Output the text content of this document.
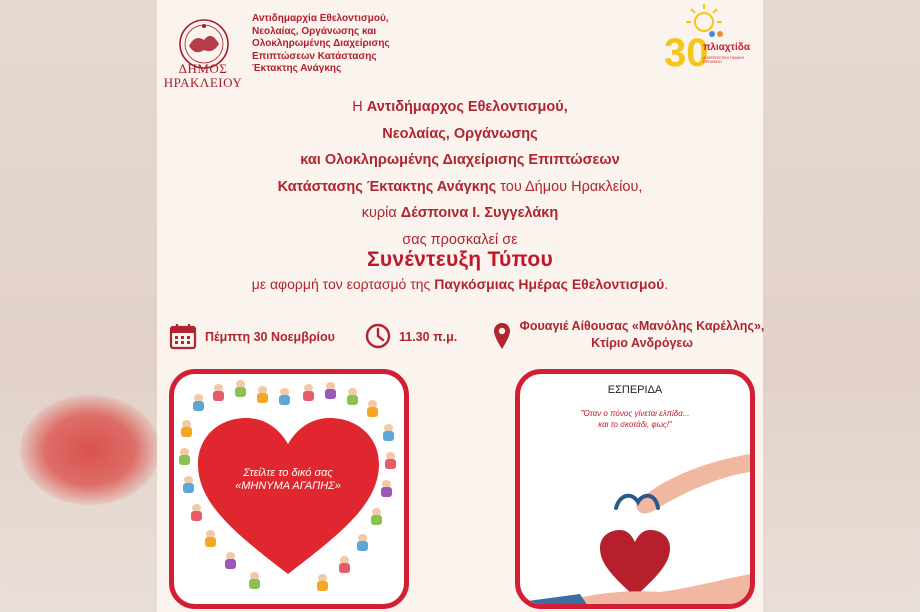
ΔΗΜΟΣ
ΗΡΑΚΛΕΙΟΥ
Αντιδημαρχία Εθελοντισμού,
Νεολαίας, Οργάνωσης και
Ολοκληρωμένης Διαχείρισης
Επιπτώσεων Κατάστασης
Έκτακτης Ανάγκης	30
πλιαχτίδα
ΑΝΘΡΩΠΙΣΤΙΚΗ ΠΑΙΔΙΚΗ ΟΡΓΑΝΩΣΗ
Η Αντιδήμαρχος Εθελοντισμού,
Νεολαίας, Οργάνωσης
και Ολοκληρωμένης Διαχείρισης Επιπτώσεων
Κατάστασης Έκτακτης Ανάγκης του Δήμου Ηρακλείου,
κυρία Δέσποινα Ι. Συγγελάκη
σας προσκαλεί σε
Συνέντευξη Τύπου
με αφορμή τον εορτασμό της Παγκόσμιας Ημέρας Εθελοντισμού.
Πέμπτη 30 Νοεμβρίου	11.30 π.μ.
Φουαγιέ Αίθουσας «Μανόλης Καρέλλης»,
Κτίριο Ανδρόγεω
Στείλτε το δικό σας
«ΜΗΝΥΜΑ ΑΓΑΠΗΣ»
ΕΣΠΕΡΙΔΑ
"Όταν ο πόνος γίνεται ελπίδα...
και το σκοτάδι, φως!"
